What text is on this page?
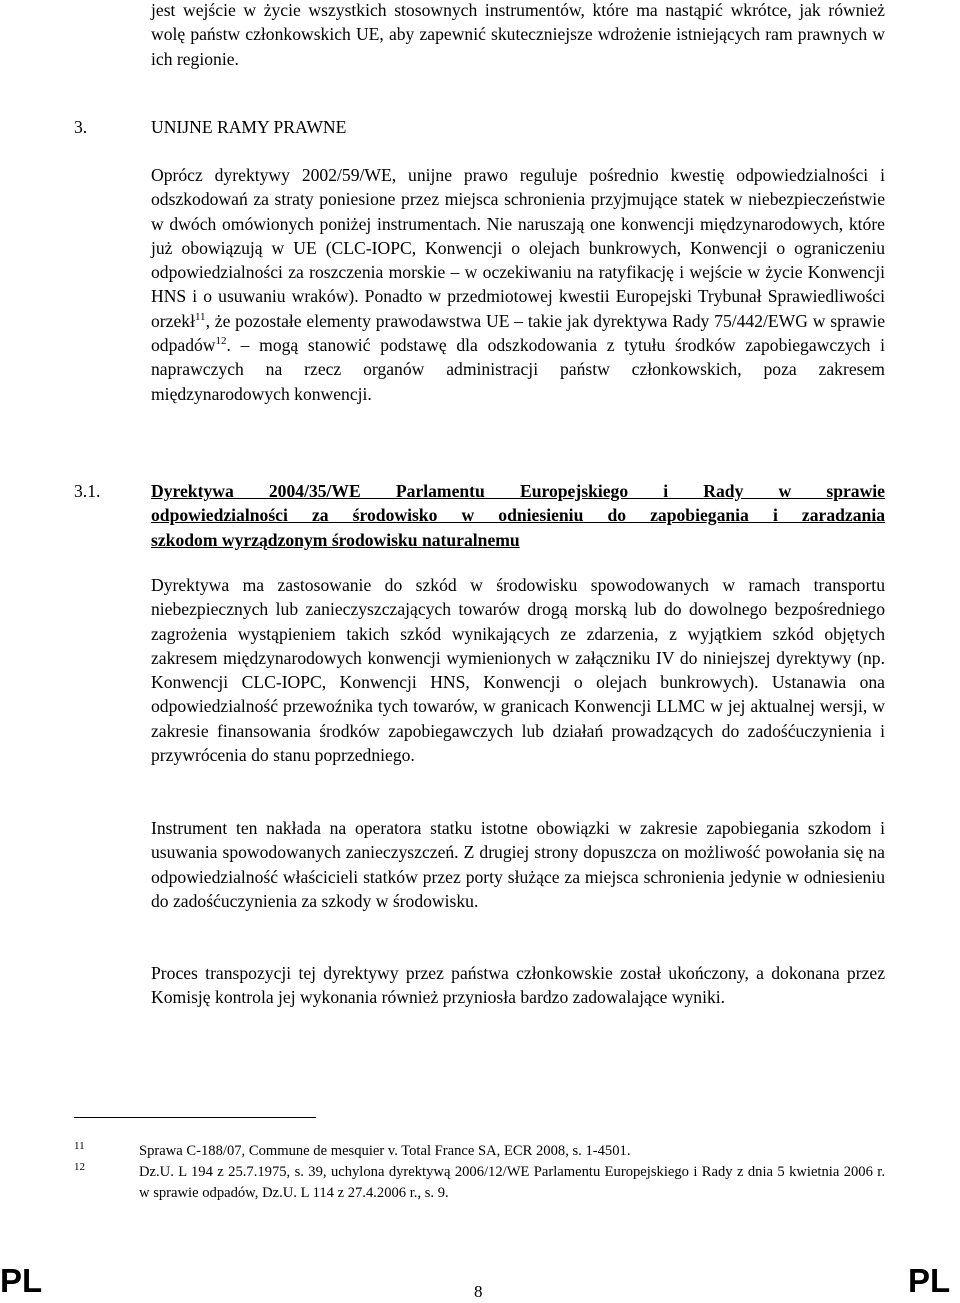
jest wejście w życie wszystkich stosownych instrumentów, które ma nastąpić wkrótce, jak również wolę państw członkowskich UE, aby zapewnić skuteczniejsze wdrożenie istniejących ram prawnych w ich regionie.

3.	UNIJNE RAMY PRAWNE

Oprócz dyrektywy 2002/59/WE, unijne prawo reguluje pośrednio kwestię odpowiedzialności i odszkodowań za straty poniesione przez miejsca schronienia przyjmujące statek w niebezpieczeństwie w dwóch omówionych poniżej instrumentach. Nie naruszają one konwencji międzynarodowych, które już obowiązują w UE (CLC-IOPC, Konwencji o olejach bunkrowych, Konwencji o ograniczeniu odpowiedzialności za roszczenia morskie – w oczekiwaniu na ratyfikację i wejście w życie Konwencji HNS i o usuwaniu wraków). Ponadto w przedmiotowej kwestii Europejski Trybunał Sprawiedliwości orzekł$^{11}$, że pozostałe elementy prawodawstwa UE – takie jak dyrektywa Rady 75/442/EWG w sprawie odpadów$^{12}$. – mogą stanowić podstawę dla odszkodowania z tytułu środków zapobiegawczych i naprawczych na rzecz organów administracji państw członkowskich, poza zakresem międzynarodowych konwencji.

3.1.	Dyrektywa 2004/35/WE Parlamentu Europejskiego i Rady w sprawie
odpowiedzialności za środowisko w odniesieniu do zapobiegania i zaradzania
szkodom wyrządzonym środowisku naturalnemu

Dyrektywa ma zastosowanie do szkód w środowisku spowodowanych w ramach transportu niebezpiecznych lub zanieczyszczających towarów drogą morską lub do dowolnego bezpośredniego zagrożenia wystąpieniem takich szkód wynikających ze zdarzenia, z wyjątkiem szkód objętych zakresem międzynarodowych konwencji wymienionych w załączniku IV do niniejszej dyrektywy (np. Konwencji CLC-IOPC, Konwencji HNS, Konwencji o olejach bunkrowych). Ustanawia ona odpowiedzialność przewoźnika tych towarów, w granicach Konwencji LLMC w jej aktualnej wersji, w zakresie finansowania środków zapobiegawczych lub działań prowadzących do zadośćuczynienia i przywrócenia do stanu poprzedniego.

Instrument ten nakłada na operatora statku istotne obowiązki w zakresie zapobiegania szkodom i usuwania spowodowanych zanieczyszczeń. Z drugiej strony dopuszcza on możliwość powołania się na odpowiedzialność właścicieli statków przez porty służące za miejsca schronienia jedynie w odniesieniu do zadośćuczynienia za szkody w środowisku.

Proces transpozycji tej dyrektywy przez państwa członkowskie został ukończony, a dokonana przez Komisję kontrola jej wykonania również przyniosła bardzo zadowalające wyniki.

11	Sprawa C-188/07, Commune de mesquier v. Total France SA, ECR 2008, s. 1-4501.

12	Dz.U. L 194 z 25.7.1975, s. 39, uchylona dyrektywą 2006/12/WE Parlamentu Europejskiego i Rady z dnia 5 kwietnia 2006 r. w sprawie odpadów, Dz.U. L 114 z 27.4.2006 r., s. 9.

PL	8	PL
